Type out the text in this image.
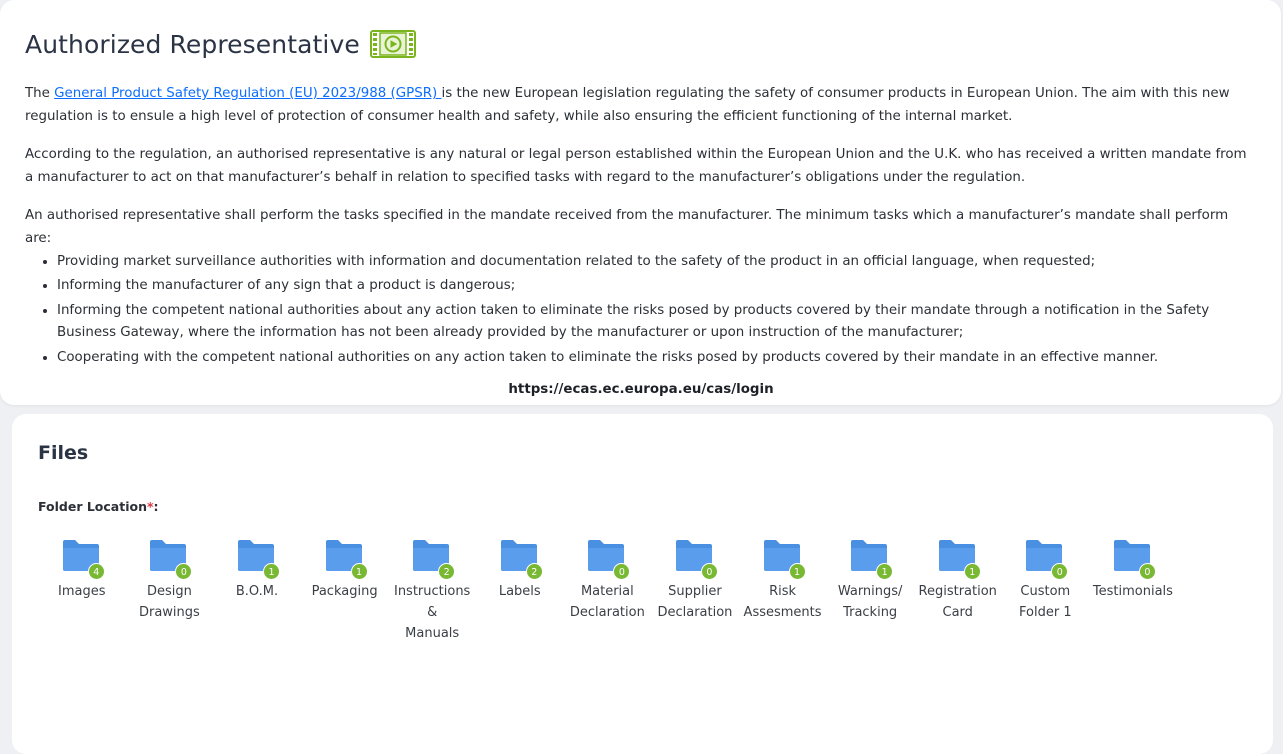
Authorized Representative

The General Product Safety Regulation (EU) 2023/988 (GPSR) is the new European legislation regulating the safety of consumer products in European Union. The aim with this new regulation is to ensule a high level of protection of consumer health and safety, while also ensuring the efficient functioning of the internal market.

According to the regulation, an authorised representative is any natural or legal person established within the European Union and the U.K. who has received a written mandate from a manufacturer to act on that manufacturer’s behalf in relation to specified tasks with regard to the manufacturer’s obligations under the regulation.

An authorised representative shall perform the tasks specified in the mandate received from the manufacturer. The minimum tasks which a manufacturer’s mandate shall perform are:

• Providing market surveillance authorities with information and documentation related to the safety of the product in an official language, when requested;
• Informing the manufacturer of any sign that a product is dangerous;
• Informing the competent national authorities about any action taken to eliminate the risks posed by products covered by their mandate through a notification in the Safety Business Gateway, where the information has not been already provided by the manufacturer or upon instruction of the manufacturer;
• Cooperating with the competent national authorities on any action taken to eliminate the risks posed by products covered by their mandate in an effective manner.
https://ecas.ec.europa.eu/cas/login
Files
Folder Location*:
4
Images

0
Design
Drawings
1
B.O.M.

1
Packaging

2
Instructions &
Manuals
2
Labels

0
Material
Declaration
0
Supplier
Declaration
1
Risk
Assesments
1
Warnings/
Tracking
1
Registration
Card
0
Custom
Folder 1
0
Testimonials
